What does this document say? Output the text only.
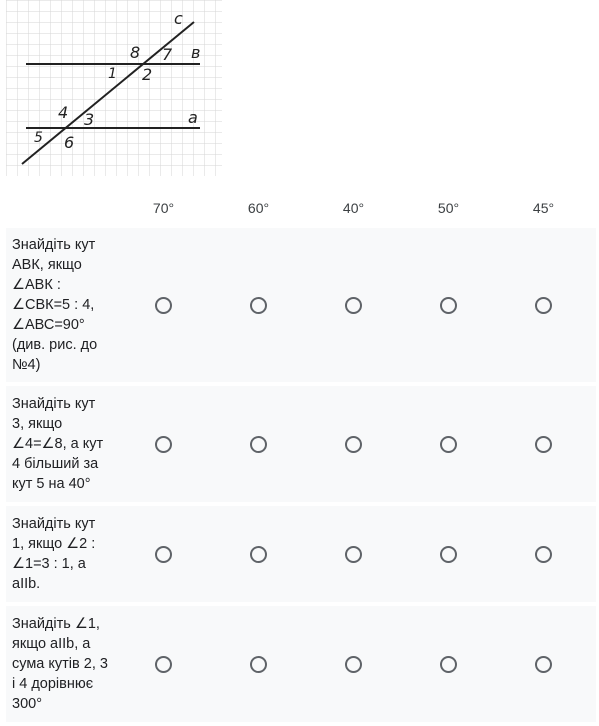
c
в
a
1 2
3
4
5 6
7
8
70°	60°	40°	50°	45°
Знайдіть кут АВК, якщо ∠АВК : ∠СВК=5 : 4, ∠АВС=90° (див. рис. до №4)
Знайдіть кут 3, якщо ∠4=∠8, а кут 4 більший за кут 5 на 40°
Знайдіть кут 1, якщо ∠2 : ∠1=3 : 1, а aІІb.
Знайдіть ∠1, якщо aІІb, а сума кутів 2, 3 і 4 дорівнює 300°
